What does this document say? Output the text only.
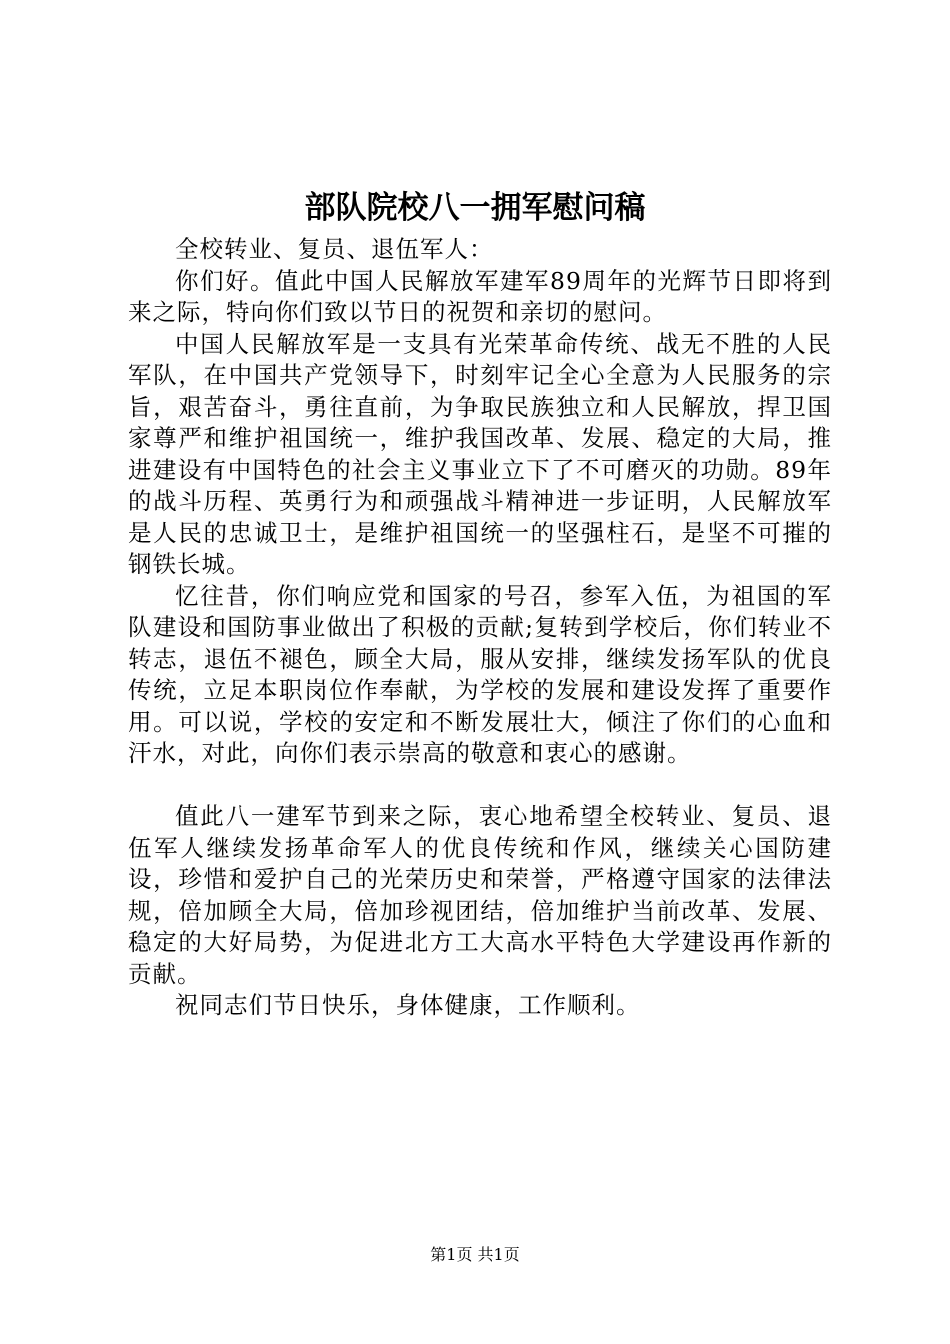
部队院校八一拥军慰问稿

全校转业、复员、退伍军人：

你们好。值此中国人民解放军建军89周年的光辉节日即将到来之际，特向你们致以节日的祝贺和亲切的慰问。

中国人民解放军是一支具有光荣革命传统、战无不胜的人民军队，在中国共产党领导下，时刻牢记全心全意为人民服务的宗旨，艰苦奋斗，勇往直前，为争取民族独立和人民解放，捍卫国家尊严和维护祖国统一，维护我国改革、发展、稳定的大局，推进建设有中国特色的社会主义事业立下了不可磨灭的功勋。89年的战斗历程、英勇行为和顽强战斗精神进一步证明，人民解放军是人民的忠诚卫士，是维护祖国统一的坚强柱石，是坚不可摧的钢铁长城。

忆往昔，你们响应党和国家的号召，参军入伍，为祖国的军队建设和国防事业做出了积极的贡献;复转到学校后，你们转业不转志，退伍不褪色，顾全大局，服从安排，继续发扬军队的优良传统，立足本职岗位作奉献，为学校的发展和建设发挥了重要作用。可以说，学校的安定和不断发展壮大，倾注了你们的心血和汗水，对此，向你们表示崇高的敬意和衷心的感谢。

值此八一建军节到来之际，衷心地希望全校转业、复员、退伍军人继续发扬革命军人的优良传统和作风，继续关心国防建设，珍惜和爱护自己的光荣历史和荣誉，严格遵守国家的法律法规，倍加顾全大局，倍加珍视团结，倍加维护当前改革、发展、稳定的大好局势，为促进北方工大高水平特色大学建设再作新的贡献。

祝同志们节日快乐，身体健康，工作顺利。

第1页 共1页
